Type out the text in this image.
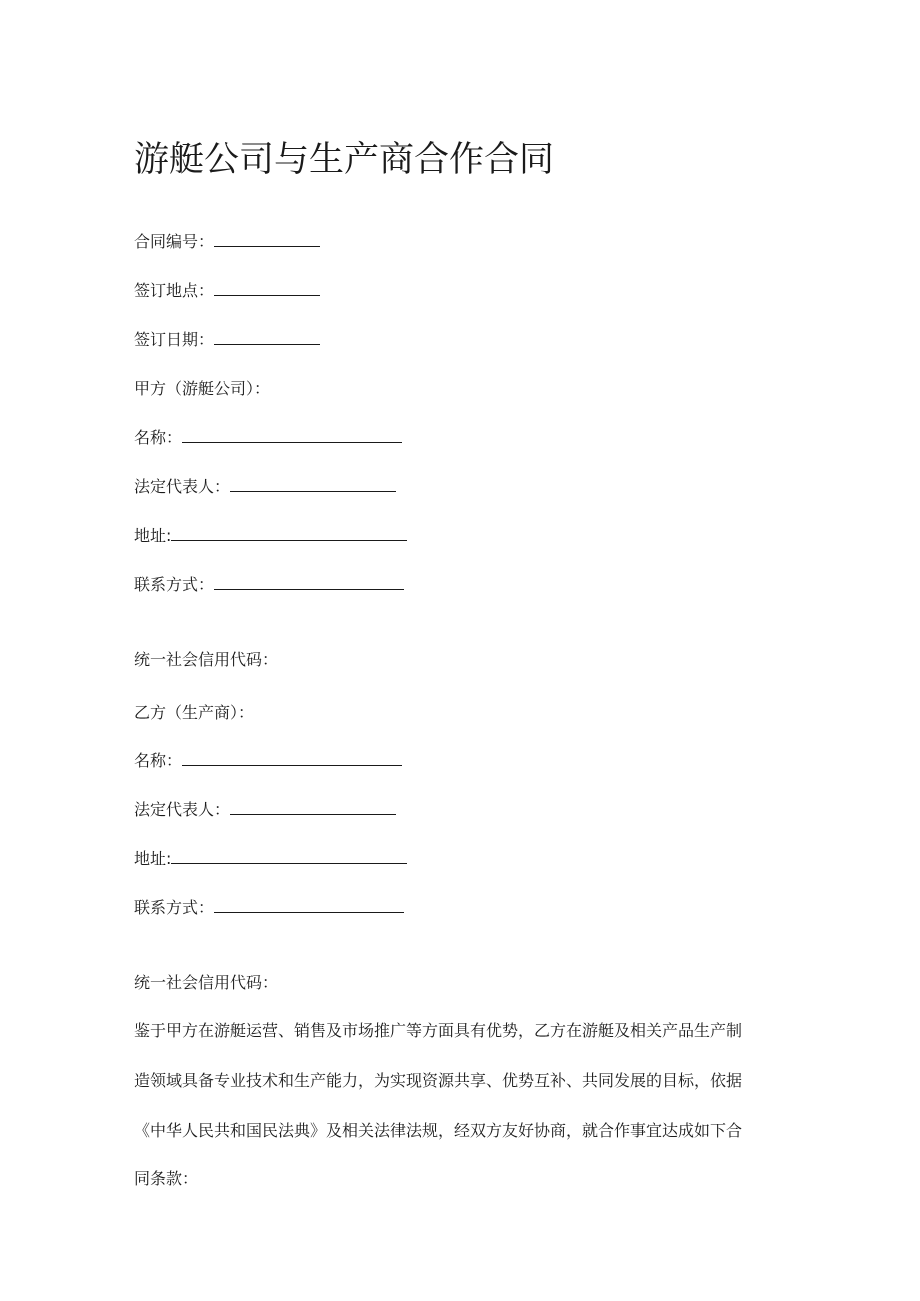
游艇公司与生产商合作合同
合同编号：
签订地点：
签订日期：
甲方（游艇公司）：
名称：
法定代表人：
地址:
联系方式：
统一社会信用代码：
乙方（生产商）：
名称：
法定代表人：
地址:
联系方式：
统一社会信用代码：
鉴于甲方在游艇运营、销售及市场推广等方面具有优势，乙方在游艇及相关产品生产制
造领域具备专业技术和生产能力，为实现资源共享、优势互补、共同发展的目标，依据
《中华人民共和国民法典》及相关法律法规，经双方友好协商，就合作事宜达成如下合
同条款：
